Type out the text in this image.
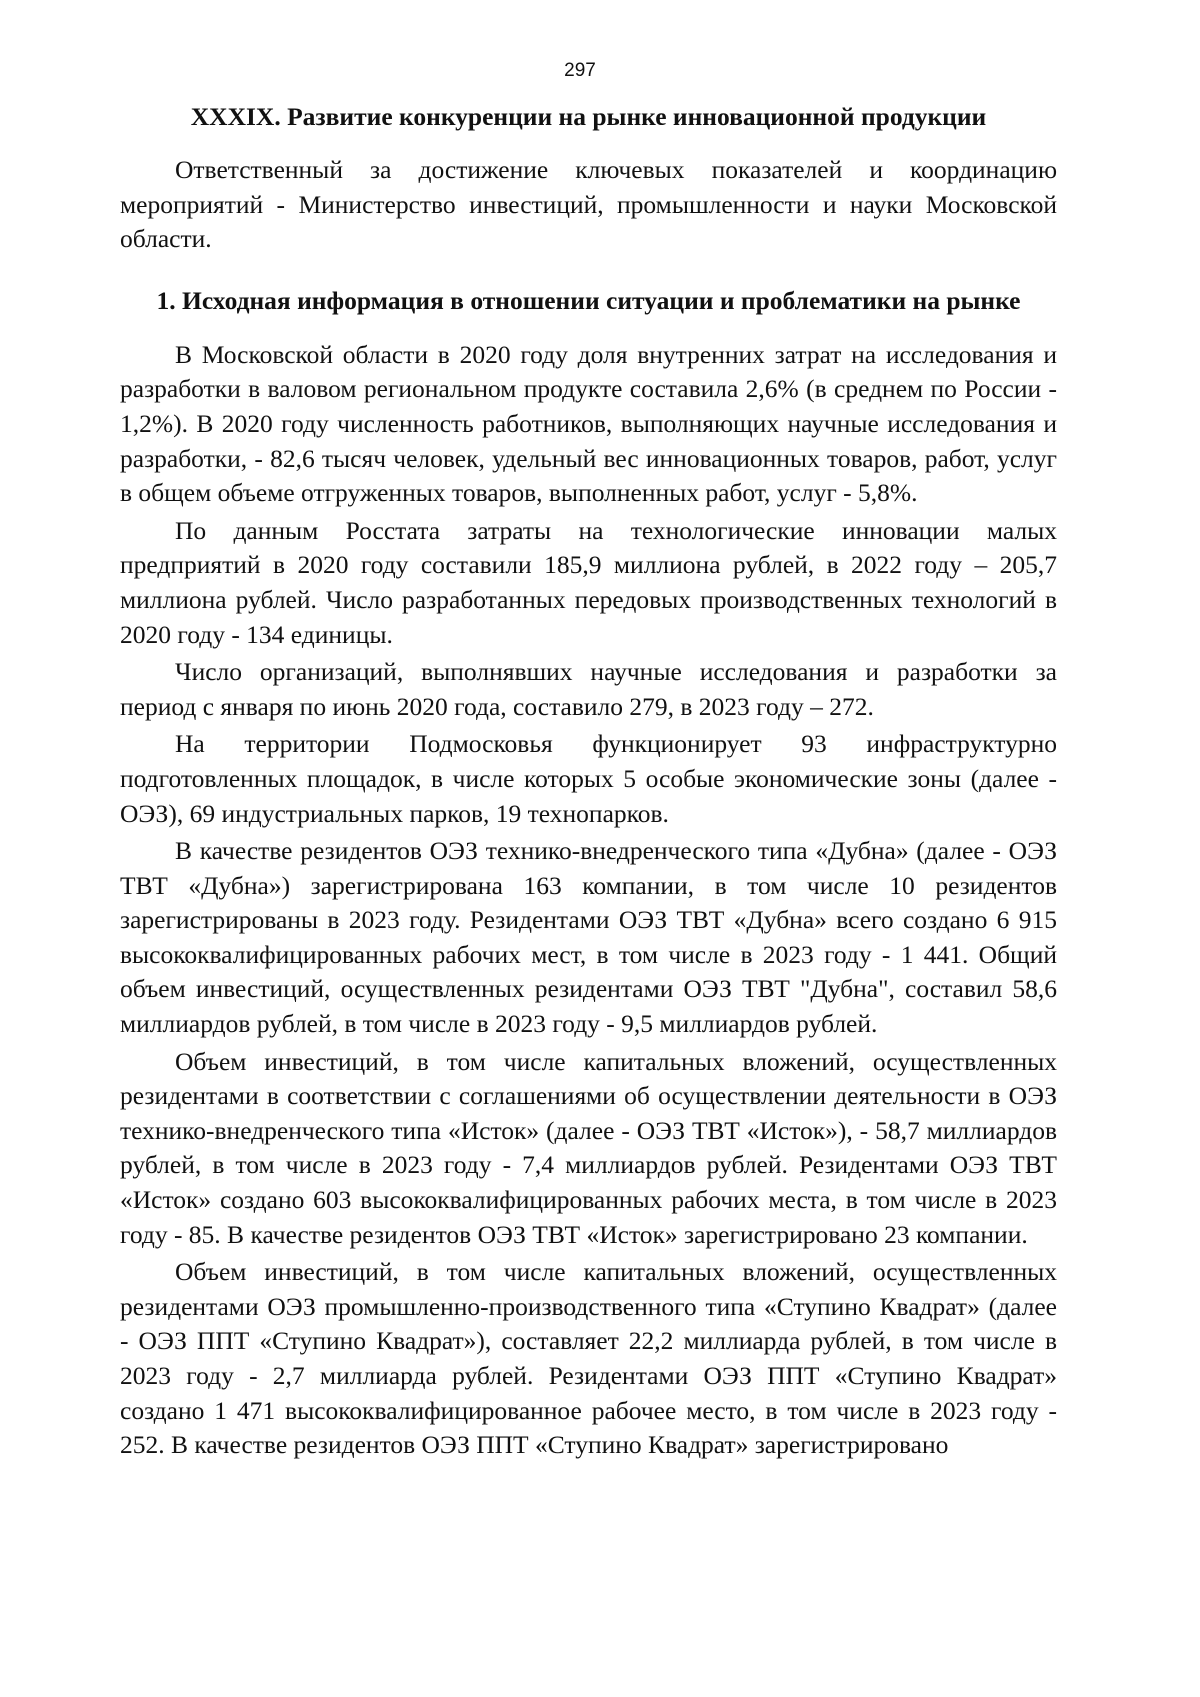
297

XXXIX. Развитие конкуренции на рынке инновационной продукции

Ответственный за достижение ключевых показателей и координацию мероприятий - Министерство инвестиций, промышленности и науки Московской области.

1. Исходная информация в отношении ситуации и проблематики на рынке

В Московской области в 2020 году доля внутренних затрат на исследования и разработки в валовом региональном продукте составила 2,6% (в среднем по России - 1,2%). В 2020 году численность работников, выполняющих научные исследования и разработки, - 82,6 тысяч человек, удельный вес инновационных товаров, работ, услуг в общем объеме отгруженных товаров, выполненных работ, услуг - 5,8%.

По данным Росстата затраты на технологические инновации малых предприятий в 2020 году составили 185,9 миллиона рублей, в 2022 году – 205,7 миллиона рублей. Число разработанных передовых производственных технологий в 2020 году - 134 единицы.

Число организаций, выполнявших научные исследования и разработки за период с января по июнь 2020 года, составило 279, в 2023 году – 272.

На территории Подмосковья функционирует 93 инфраструктурно подготовленных площадок, в числе которых 5 особые экономические зоны (далее - ОЭЗ), 69 индустриальных парков, 19 технопарков.

В качестве резидентов ОЭЗ технико-внедренческого типа «Дубна» (далее - ОЭЗ ТВТ «Дубна») зарегистрирована 163 компании, в том числе 10 резидентов зарегистрированы в 2023 году. Резидентами ОЭЗ ТВТ «Дубна» всего создано 6 915 высококвалифицированных рабочих мест, в том числе в 2023 году - 1 441. Общий объем инвестиций, осуществленных резидентами ОЭЗ ТВТ "Дубна", составил 58,6 миллиардов рублей, в том числе в 2023 году - 9,5 миллиардов рублей.

Объем инвестиций, в том числе капитальных вложений, осуществленных резидентами в соответствии с соглашениями об осуществлении деятельности в ОЭЗ технико-внедренческого типа «Исток» (далее - ОЭЗ ТВТ «Исток»), - 58,7 миллиардов рублей, в том числе в 2023 году - 7,4 миллиардов рублей. Резидентами ОЭЗ ТВТ «Исток» создано 603 высококвалифицированных рабочих места, в том числе в 2023 году - 85. В качестве резидентов ОЭЗ ТВТ «Исток» зарегистрировано 23 компании.

Объем инвестиций, в том числе капитальных вложений, осуществленных резидентами ОЭЗ промышленно-производственного типа «Ступино Квадрат» (далее - ОЭЗ ППТ «Ступино Квадрат»), составляет 22,2 миллиарда рублей, в том числе в 2023 году - 2,7 миллиарда рублей. Резидентами ОЭЗ ППТ «Ступино Квадрат» создано 1 471 высококвалифицированное рабочее место, в том числе в 2023 году - 252. В качестве резидентов ОЭЗ ППТ «Ступино Квадрат» зарегистрировано
